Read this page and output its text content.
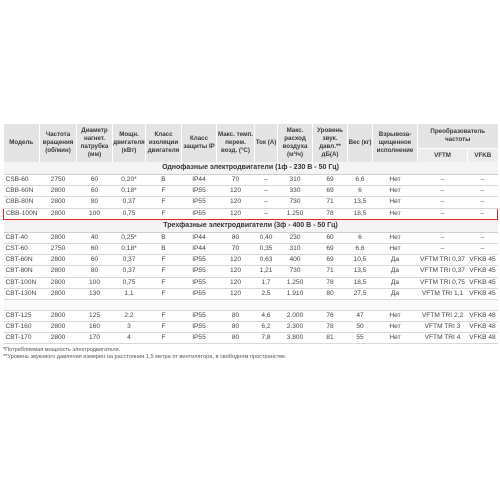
Модель	Частота вращения (об/мин)	Диаметр нагнет. патрубка (мм)	Мощн. двигателя (кВт)	Класс изоляции двигателя	Класс защиты IP	Макс. темп. перем. возд. (°С)	Ток (А)	Макс. расход воздуха (м³/ч)	Уровень звук. давл.** дБ(А)	Вес (кг)	Взрывоза-щищенное исполнение	Преобразователь частоты	
												VFTM	VFKB
Однофазные электродвигатели (1ф - 230 В - 50 Гц)													
CSB-60	2750	60	0,20*	B	IP44	70	–	310	69	6,6	Нет	–	–
CBB-60N	2800	60	0,18*	F	IP55	120	–	330	69	6	Нет	–	–
CBB-80N	2800	80	0,37	F	IP55	120	–	730	71	13,5	Нет	–	–
CBB-100N	2800	100	0,75	F	IP55	120	–	1.250	78	18,5	Нет	–	–
Трехфазные электродвигатели (3ф - 400 В - 50 Гц)													
CBT-40	2800	40	0,25*	B	IP44	80	0,40	230	60	6	Нет	–	–
CST-60	2750	60	0,18*	B	IP44	70	0,35	310	69	6,6	Нет	–	–
CBT-60N	2800	60	0,37	F	IP55	120	0,63	400	69	10,5	Да	VFTM TRI 0,37	VFKB 45
CBT-80N	2800	80	0,37	F	IP55	120	1,21	730	71	13,5	Да	VFTM TRI 0,37	VFKB 45
CBT-100N	2800	100	0,75	F	IP55	120	1,7	1.250	78	18,5	Да	VFTM TRI 0,75	VFKB 45
CBT-130N	2800	130	1,1	F	IP55	120	2,5	1.910	80	27,5	Да	VFTM TRI 1,1	VFKB 45

CBT-125	2800	125	2,2	F	IP55	80	4,6	2.000	76	47	Нет	VFTM TRI 2,2	VFKB 48
CBT-160	2800	160	3	F	IP55	80	6,2	2.300	78	50	Нет	VFTM TRI 3	VFKB 48
CBT-170	2800	170	4	F	IP55	80	7,8	3.800	81	55	Нет	VFTM TRI 4	VFKB 48
*Потребляемая мощность электродвигателя.
**Уровень звукового давления измерен на расстоянии 1,5 метра от вентилятора, в свободном пространстве.
